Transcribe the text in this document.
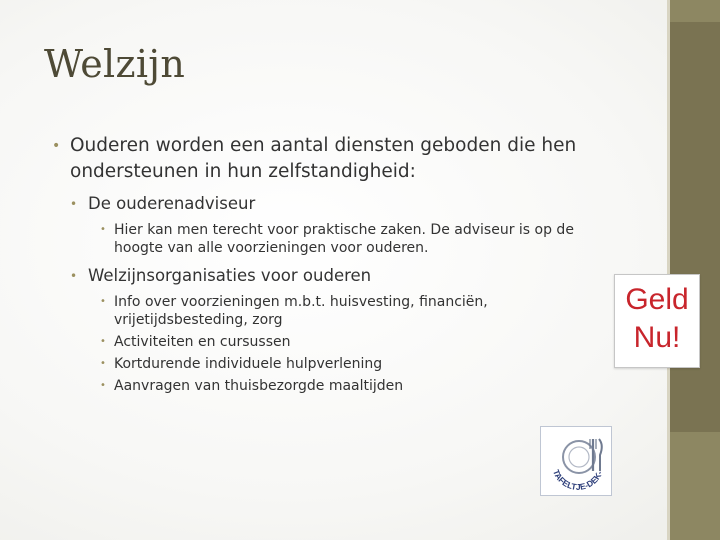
Welzijn
• Ouderen worden een aantal diensten geboden die hen ondersteunen in hun zelfstandigheid:
• De ouderenadviseur
• Hier kan men terecht voor praktische zaken. De adviseur is op de hoogte van alle voorzieningen voor ouderen.
• Welzijnsorganisaties voor ouderen
• Info over voorzieningen m.b.t. huisvesting, financiën, vrijetijdsbesteding, zorg
• Activiteiten en cursussen
• Kortdurende individuele hulpverlening
• Aanvragen van thuisbezorgde maaltijden
Geld
Nu!
TAFELTJE-DEK-
